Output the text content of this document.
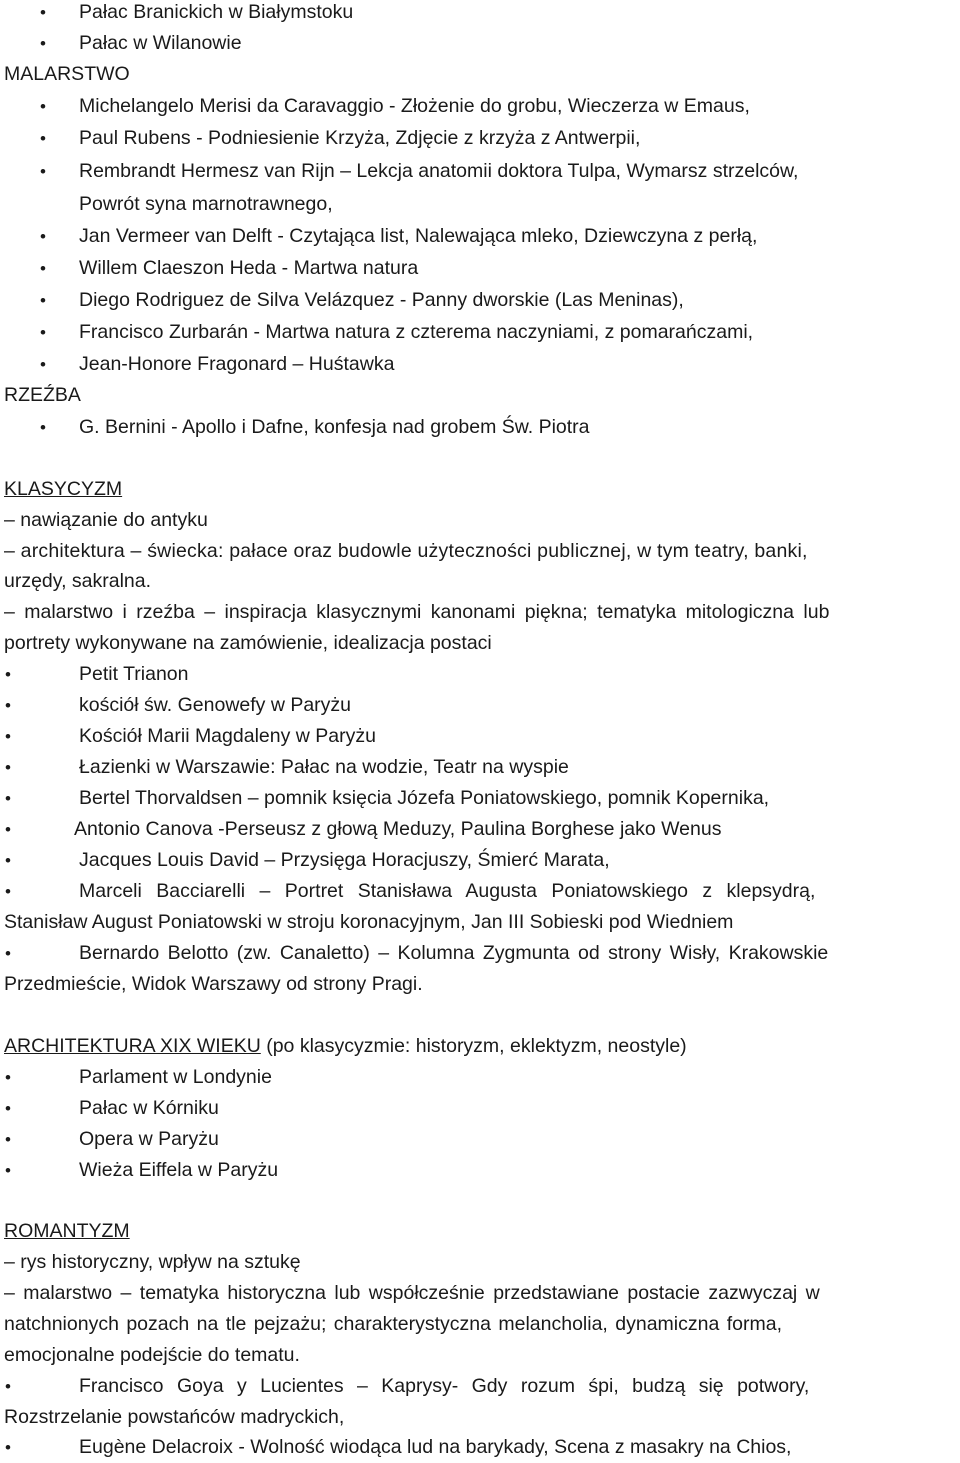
• Pałac Branickich w Białymstoku
• Pałac w Wilanowie
MALARSTWO
• Michelangelo Merisi da Caravaggio - Złożenie do grobu, Wieczerza w Emaus,
• Paul Rubens - Podniesienie Krzyża, Zdjęcie z krzyża z Antwerpii,
• Rembrandt Hermesz van Rijn – Lekcja anatomii doktora Tulpa, Wymarsz strzelców,
Powrót syna marnotrawnego,
• Jan Vermeer van Delft - Czytająca list, Nalewająca mleko, Dziewczyna z perłą,
• Willem Claeszon Heda - Martwa natura
• Diego Rodriguez de Silva Velázquez - Panny dworskie (Las Meninas),
• Francisco Zurbarán - Martwa natura z czterema naczyniami, z pomarańczami,
• Jean-Honore Fragonard – Huśtawka
RZEŹBA
• G. Bernini - Apollo i Dafne, konfesja nad grobem Św. Piotra
KLASYCYZM
– nawiązanie do antyku
– architektura – świecka: pałace oraz budowle użyteczności publicznej, w tym teatry, banki,
urzędy, sakralna.
– malarstwo i rzeźba – inspiracja klasycznymi kanonami piękna; tematyka mitologiczna lub
portrety wykonywane na zamówienie, idealizacja postaci
•	Petit Trianon
•	kościół św. Genowefy w Paryżu
•	Kościół Marii Magdaleny w Paryżu
•	Łazienki w Warszawie: Pałac na wodzie, Teatr na wyspie
•	Bertel Thorvaldsen – pomnik księcia Józefa Poniatowskiego, pomnik Kopernika,
•	Antonio Canova -Perseusz z głową Meduzy, Paulina Borghese jako Wenus
•	Jacques Louis David – Przysięga Horacjuszy, Śmierć Marata,
•	Marceli Bacciarelli – Portret Stanisława Augusta Poniatowskiego z klepsydrą,
Stanisław August Poniatowski w stroju koronacyjnym, Jan III Sobieski pod Wiedniem
•	Bernardo Belotto (zw. Canaletto) – Kolumna Zygmunta od strony Wisły, Krakowskie
Przedmieście, Widok Warszawy od strony Pragi.
ARCHITEKTURA XIX WIEKU (po klasycyzmie: historyzm, eklektyzm, neostyle)
•	Parlament w Londynie
•	Pałac w Kórniku
•	Opera w Paryżu
•	Wieża Eiffela w Paryżu
ROMANTYZM
– rys historyczny, wpływ na sztukę
– malarstwo – tematyka historyczna lub współcześnie przedstawiane postacie zazwyczaj w
natchnionych pozach na tle pejzażu; charakterystyczna melancholia, dynamiczna forma,
emocjonalne podejście do tematu.
•	Francisco Goya y Lucientes – Kaprysy- Gdy rozum śpi, budzą się potwory,
Rozstrzelanie powstańców madryckich,
•	Eugène Delacroix - Wolność wiodąca lud na barykady, Scena z masakry na Chios,
